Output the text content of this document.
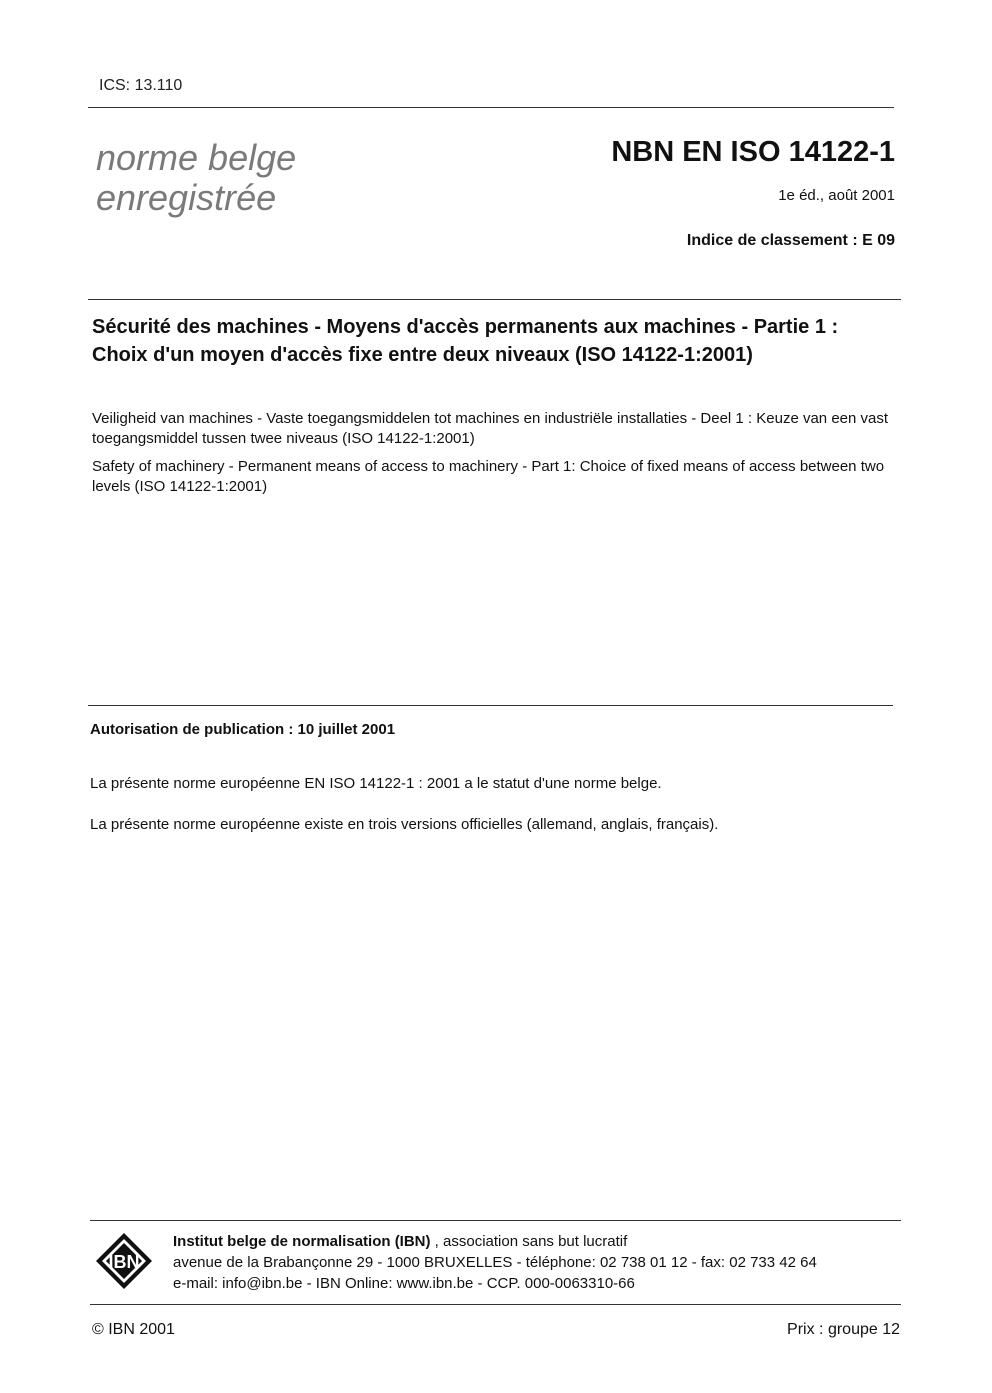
ICS: 13.110
norme belge
enregistrée
NBN EN ISO 14122-1
1e éd., août 2001
Indice de classement : E 09
Sécurité des machines - Moyens d'accès permanents aux machines - Partie 1 : Choix d'un moyen d'accès fixe entre deux niveaux (ISO 14122-1:2001)
Veiligheid van machines - Vaste toegangsmiddelen tot machines en industriële installaties - Deel 1 : Keuze van een vast toegangsmiddel tussen twee niveaus (ISO 14122-1:2001)
Safety of machinery - Permanent means of access to machinery - Part 1: Choice of fixed means of access between two levels (ISO 14122-1:2001)
Autorisation de publication : 10 juillet 2001
La présente norme européenne EN ISO 14122-1 : 2001 a le statut d'une norme belge.
La présente norme européenne existe en trois versions officielles (allemand, anglais, français).
IBN
Institut belge de normalisation (IBN) , association sans but lucratif
avenue de la Brabançonne 29 - 1000 BRUXELLES - téléphone: 02 738 01 12 - fax: 02 733 42 64
e-mail: info@ibn.be - IBN Online: www.ibn.be - CCP. 000-0063310-66
© IBN 2001	Prix : groupe 12
